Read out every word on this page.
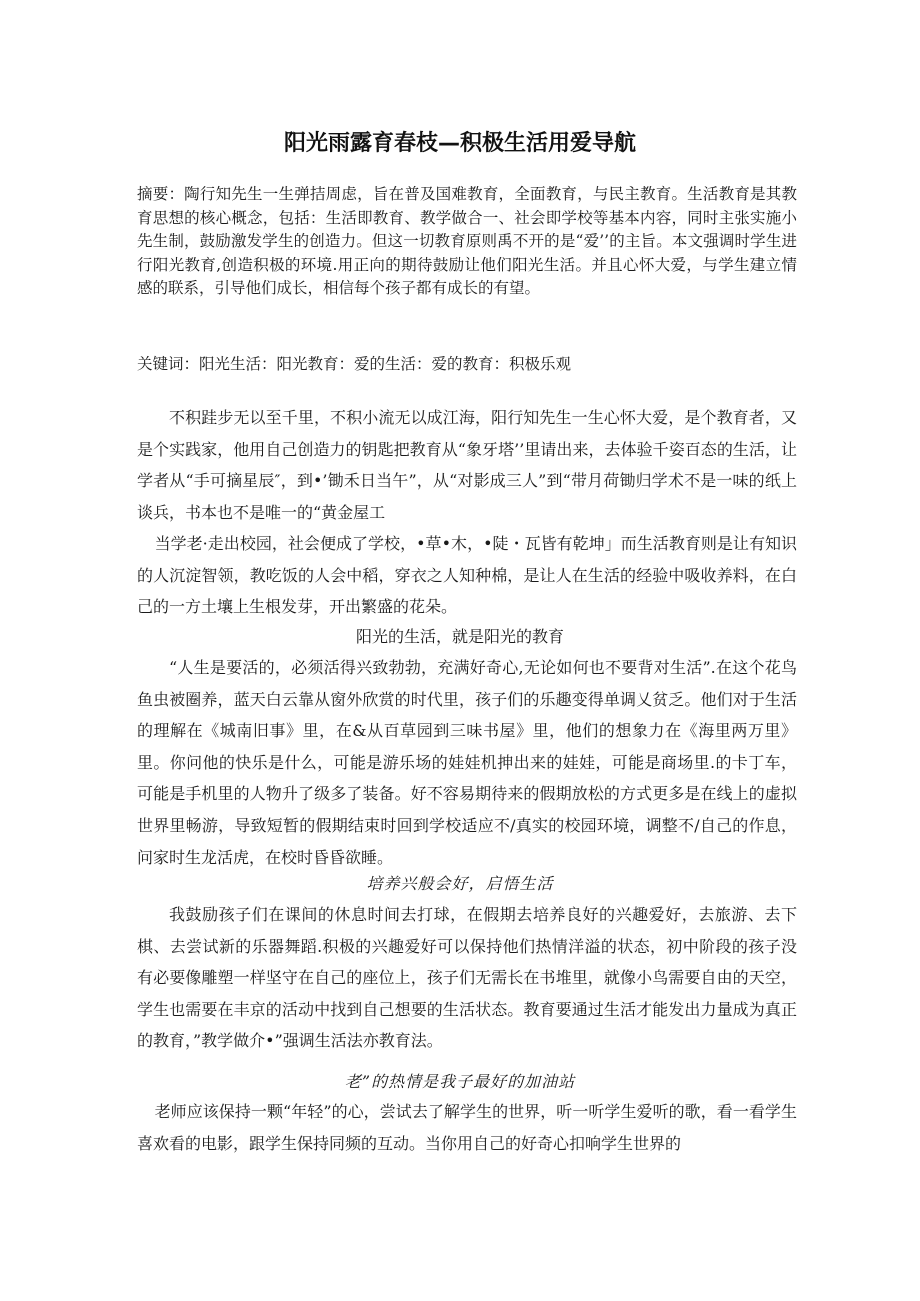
阳光雨露育春枝—积极生活用爱导航

摘要：陶行知先生一生弹拮周虑，旨在普及国难教育，全面教育，与民主教育。生活教育是其教育思想的核心概念，包括：生活即教育、教学做合一、社会即学校等基本内容，同时主张实施小先生制，鼓励激发学生的创造力。但这一切教育原则禹不开的是“爱’’的主旨。本文强调时学生进行阳光教育,创造积极的环境.用正向的期待鼓励让他们阳光生活。并且心怀大爱，与学生建立情感的联系，引导他们成长，相信每个孩子都有成长的有望。

关键词：阳光生活：阳光教育：爱的生活：爱的教育：积极乐观

不积跬步无以至千里，不积小流无以成江海，阳行知先生一生心怀大爱，是个教育者，又是个实践家，他用自己创造力的钥匙把教育从“象牙塔’’里请出来，去体验千姿百态的生活，让学者从“手可摘星辰″，到•’锄禾日当午”，从“对影成三人”到“带月荷锄归学术不是一味的纸上谈兵，书本也不是唯一的“黄金屋工

当学老·走出校园，社会便成了学校，•草•木，•陡・瓦皆有乾坤」而生活教育则是让有知识的人沉淀智领，教吃饭的人会中稻，穿衣之人知种棉，是让人在生活的经验中吸收养料，在白己的一方土壤上生根发芽，开出繁盛的花朵。

阳光的生活，就是阳光的教育

“人生是要活的，必须活得兴致勃勃，充满好奇心,无论如何也不要背对生活”.在这个花鸟鱼虫被圈养，蓝天白云靠从窗外欣赏的时代里，孩子们的乐趣变得单调乂贫乏。他们对于生活的理解在《城南旧事》里，在&从百草园到三味书屋》里，他们的想象力在《海里两万里》里。你问他的快乐是什么，可能是游乐场的娃娃机抻出来的娃娃，可能是商场里.的卡丁车，可能是手机里的人物升了级多了装备。好不容易期待来的假期放松的方式更多是在线上的虚拟世界里畅游，导致短暂的假期结束时回到学校适应不/真实的校园环境，调整不/自己的作息，问家时生龙活虎，在校时昏昏欲睡。

培养兴般会好，启悟生活

我鼓励孩子们在课间的休息时间去打球，在假期去培养良好的兴趣爱好，去旅游、去下棋、去尝试新的乐器舞蹈.积极的兴趣爱好可以保持他们热情洋溢的状态，初中阶段的孩子没有必要像雕塑一样坚守在自己的座位上，孩子们无需长在书堆里，就像小鸟需要自由的天空，学生也需要在丰京的活动中找到自己想要的生活状态。教育要通过生活才能发出力量成为真正的教育，”教学做介•”强调生活法亦教育法。

老”的热情是我子最好的加油站

老师应该保持一颗“年轻”的心，尝试去了解学生的世界，听一听学生爱听的歌，看一看学生喜欢看的电影，跟学生保持同频的互动。当你用自己的好奇心扣响学生世界的
